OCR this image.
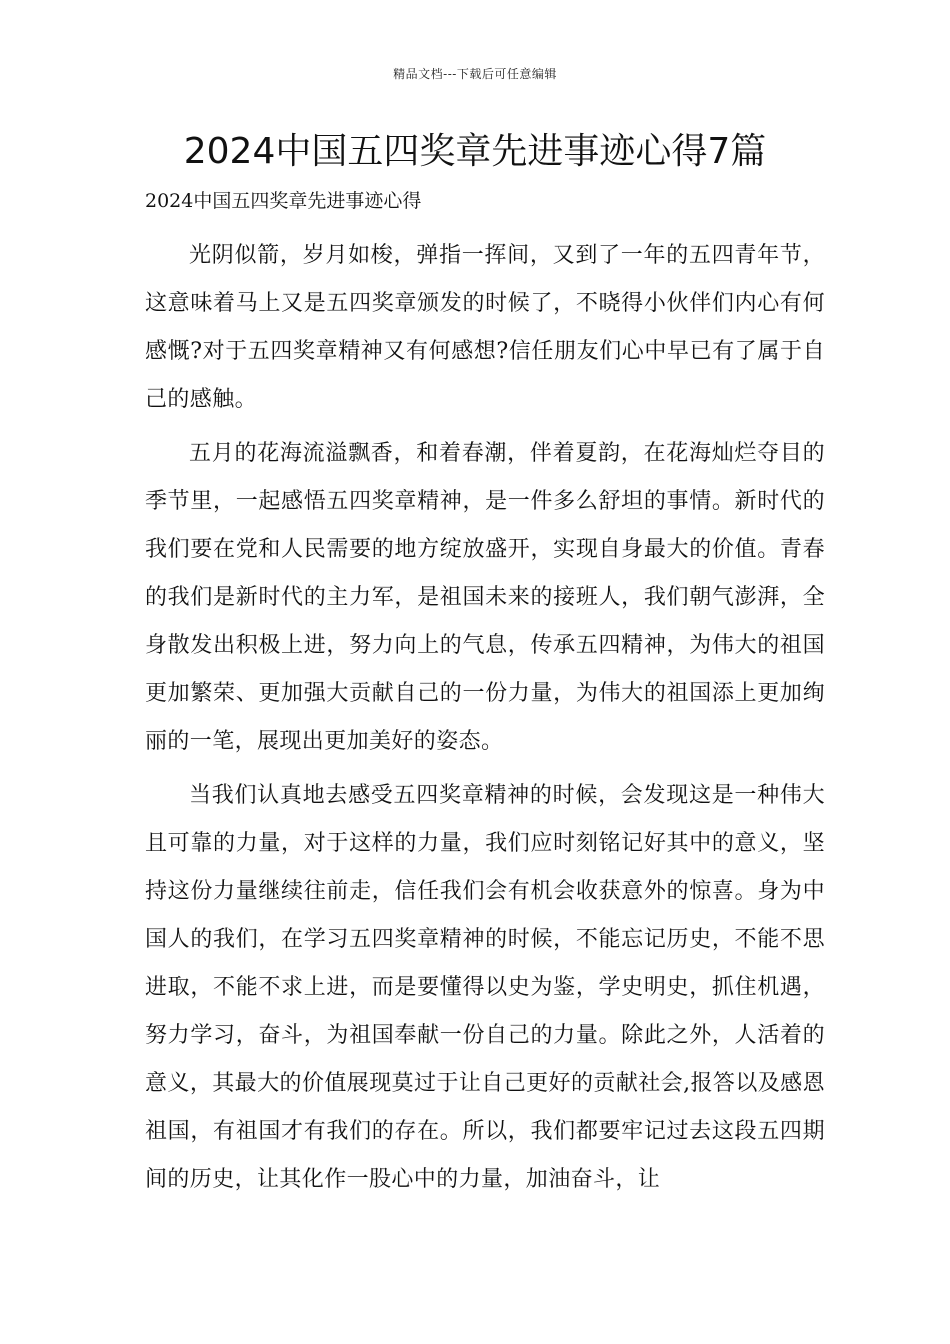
精品文档---下载后可任意编辑
2024中国五四奖章先进事迹心得7篇
2024中国五四奖章先进事迹心得

光阴似箭，岁月如梭，弹指一挥间，又到了一年的五四青年节，这意味着马上又是五四奖章颁发的时候了，不晓得小伙伴们内心有何感慨?对于五四奖章精神又有何感想?信任朋友们心中早已有了属于自己的感触。

五月的花海流溢飘香，和着春潮，伴着夏韵，在花海灿烂夺目的季节里，一起感悟五四奖章精神，是一件多么舒坦的事情。新时代的我们要在党和人民需要的地方绽放盛开，实现自身最大的价值。青春的我们是新时代的主力军，是祖国未来的接班人，我们朝气澎湃，全身散发出积极上进，努力向上的气息，传承五四精神，为伟大的祖国更加繁荣、更加强大贡献自己的一份力量，为伟大的祖国添上更加绚丽的一笔，展现出更加美好的姿态。

当我们认真地去感受五四奖章精神的时候，会发现这是一种伟大且可靠的力量，对于这样的力量，我们应时刻铭记好其中的意义，坚持这份力量继续往前走，信任我们会有机会收获意外的惊喜。身为中国人的我们，在学习五四奖章精神的时候，不能忘记历史，不能不思进取，不能不求上进，而是要懂得以史为鉴，学史明史，抓住机遇，努力学习，奋斗，为祖国奉献一份自己的力量。除此之外，人活着的意义，其最大的价值展现莫过于让自己更好的贡献社会,报答以及感恩祖国，有祖国才有我们的存在。所以，我们都要牢记过去这段五四期间的历史，让其化作一股心中的力量，加油奋斗，让
